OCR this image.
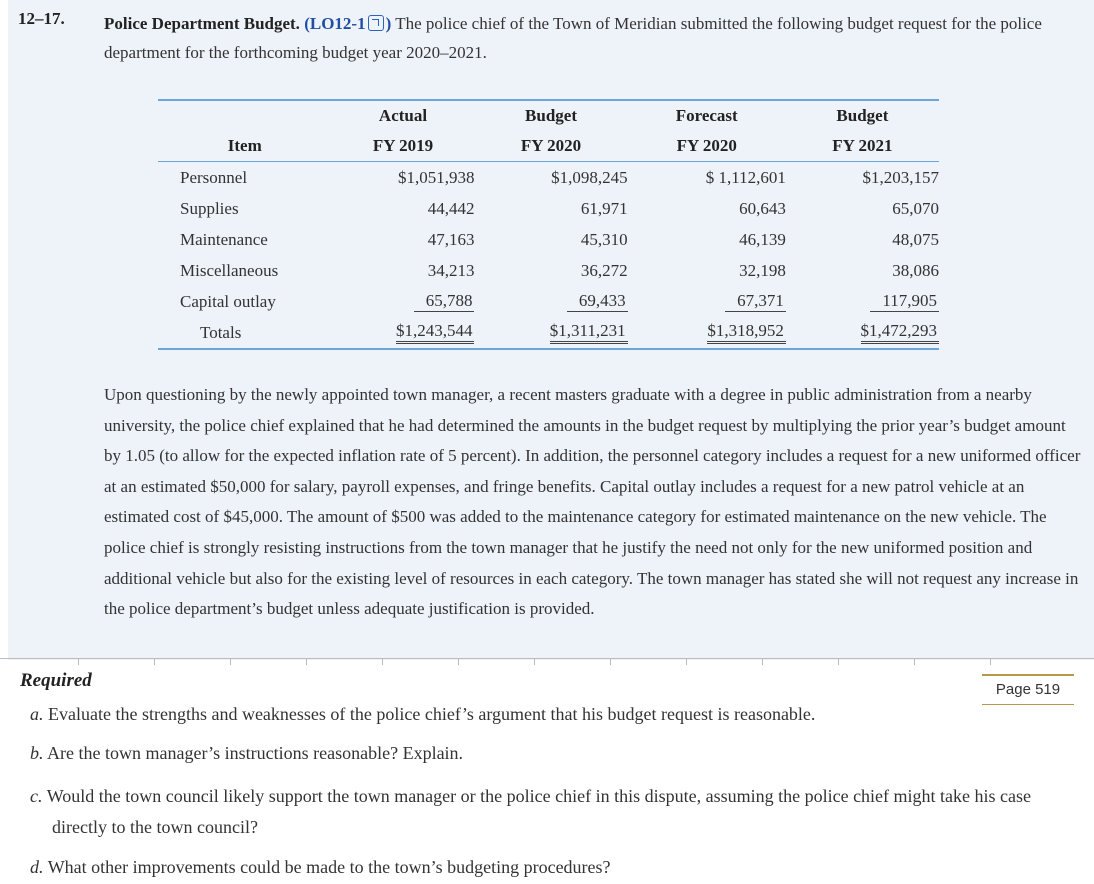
12–17. Police Department Budget. (LO12-1 ) The police chief of the Town of Meridian submitted the following budget request for the police department for the forthcoming budget year 2020–2021.
	Actual	Budget	Forecast	Budget
Item	FY 2019	FY 2020	FY 2020	FY 2021
Personnel	$1,051,938	$1,098,245	$ 1,112,601	$1,203,157
Supplies	44,442	61,971	60,643	65,070
Maintenance	47,163	45,310	46,139	48,075
Miscellaneous	34,213	36,272	32,198	38,086
Capital outlay	65,788	69,433	67,371	117,905
Totals	$1,243,544	$1,311,231	$1,318,952	$1,472,293
Upon questioning by the newly appointed town manager, a recent masters graduate with a degree in public administration from a nearby university, the police chief explained that he had determined the amounts in the budget request by multiplying the prior year’s budget amount by 1.05 (to allow for the expected inflation rate of 5 percent). In addition, the personnel category includes a request for a new uniformed officer at an estimated $50,000 for salary, payroll expenses, and fringe benefits. Capital outlay includes a request for a new patrol vehicle at an estimated cost of $45,000. The amount of $500 was added to the maintenance category for estimated maintenance on the new vehicle. The police chief is strongly resisting instructions from the town manager that he justify the need not only for the new uniformed position and additional vehicle but also for the existing level of resources in each category. The town manager has stated she will not request any increase in the police department’s budget unless adequate justification is provided.
Required	Page 519
a. Evaluate the strengths and weaknesses of the police chief’s argument that his budget request is reasonable.
b. Are the town manager’s instructions reasonable? Explain.
c. Would the town council likely support the town manager or the police chief in this dispute, assuming the police chief might take his case directly to the town council?
d. What other improvements could be made to the town’s budgeting procedures?
